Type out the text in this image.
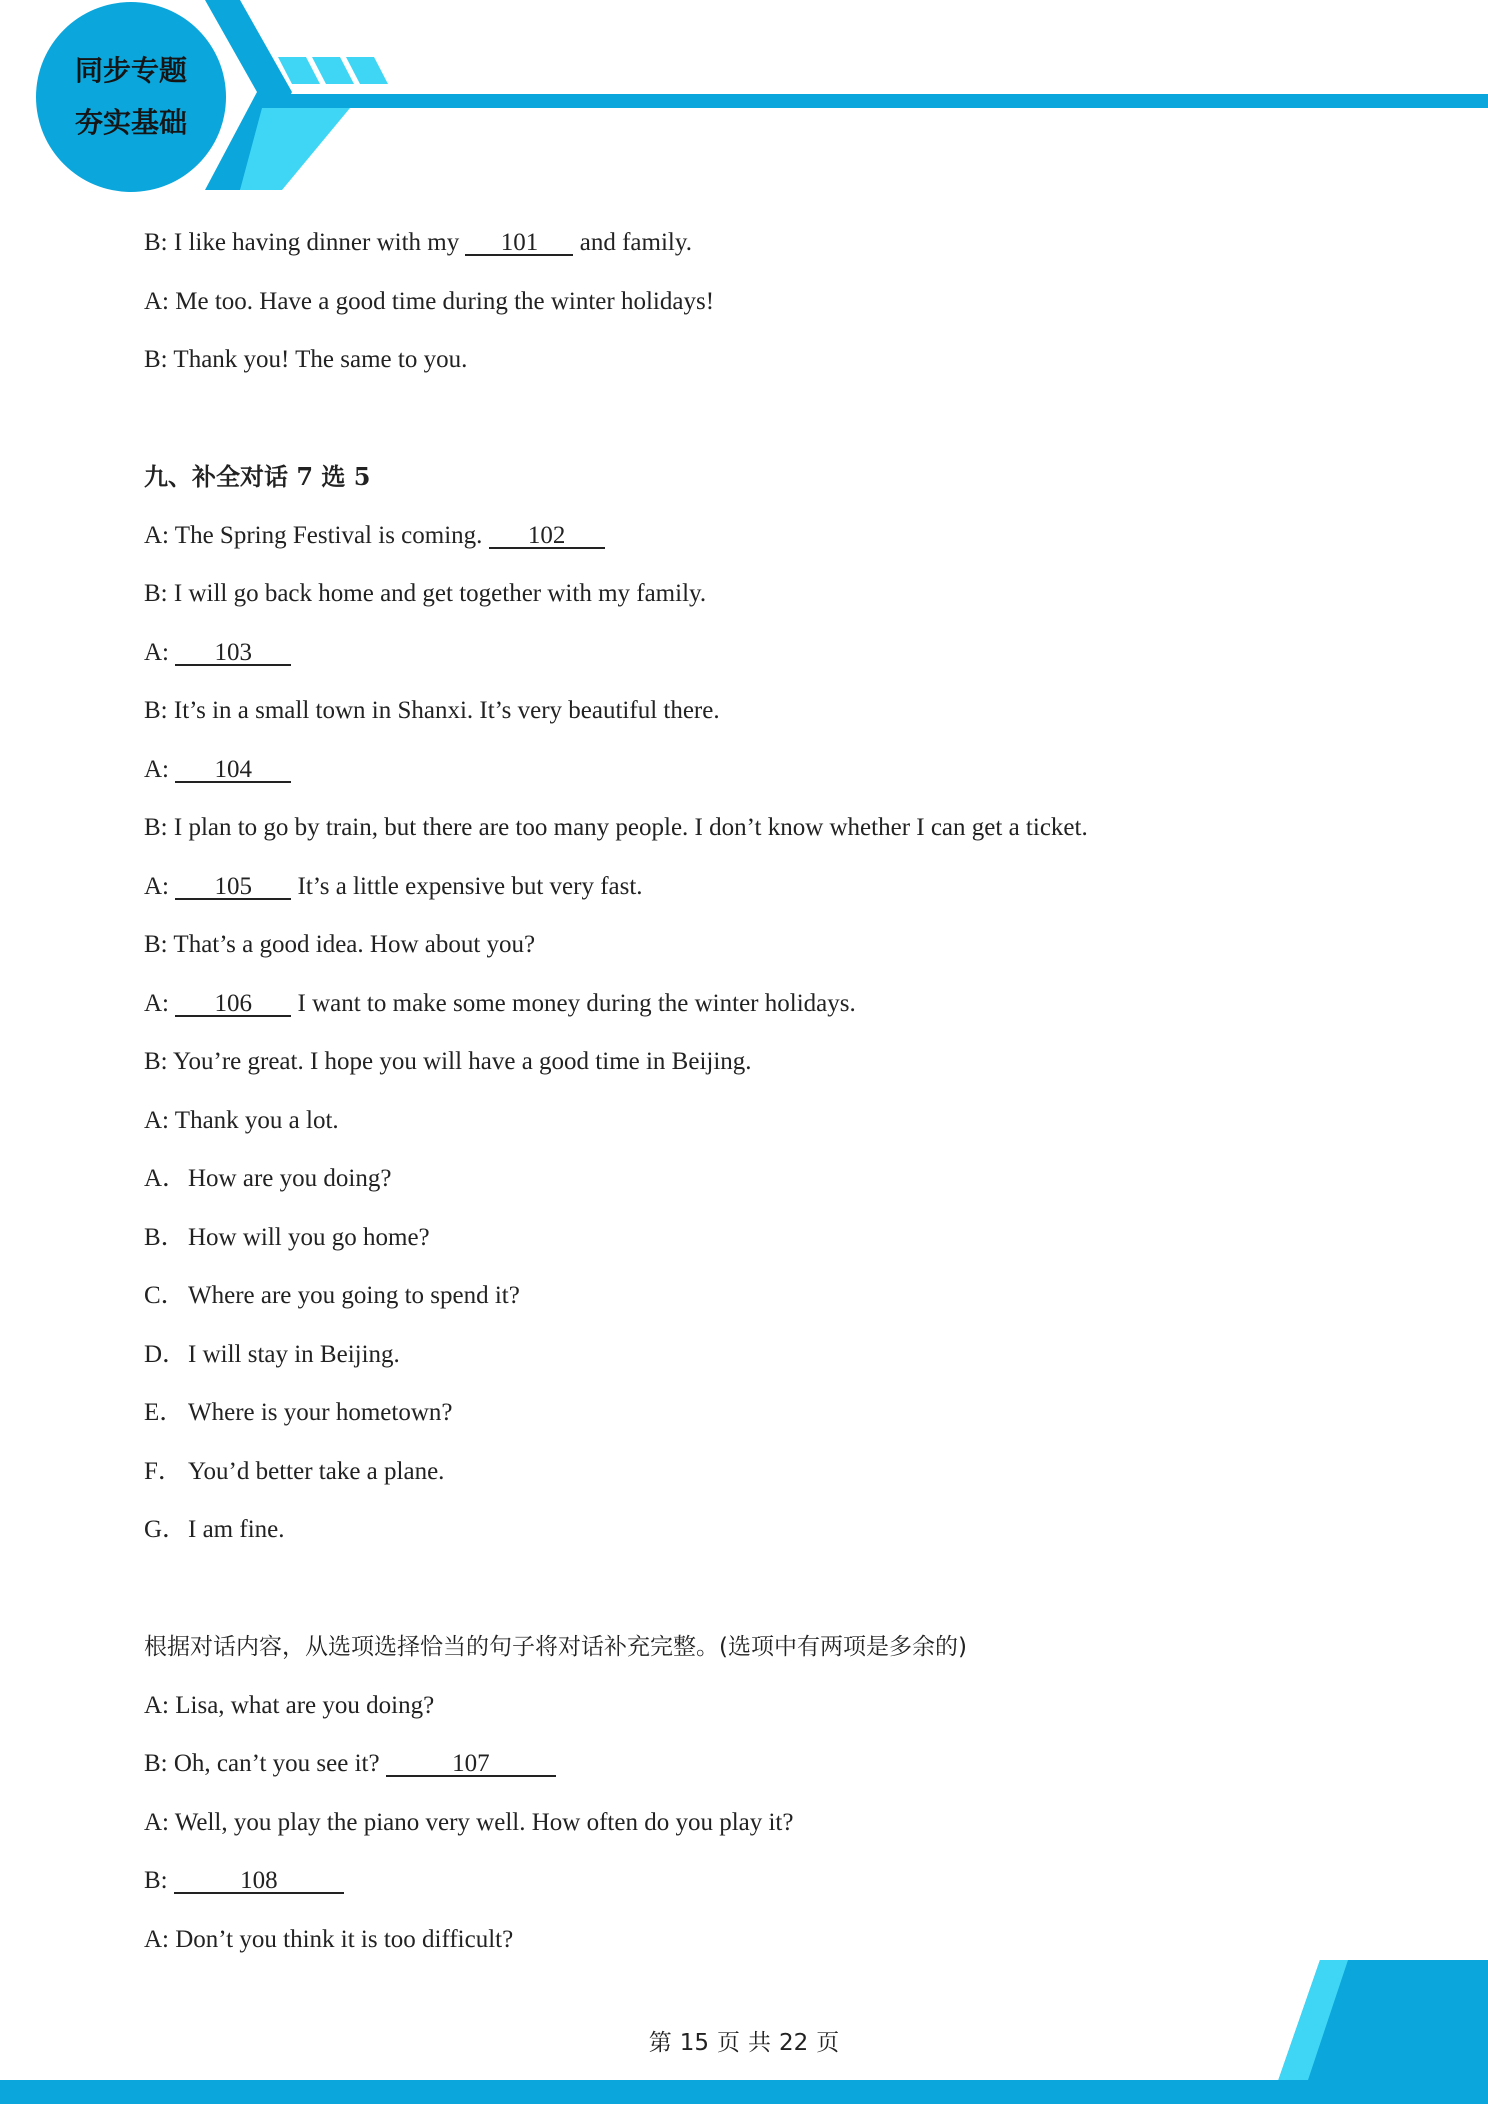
同步专题
夯实基础
B: I like having dinner with my 101 and family.
A: Me too. Have a good time during the winter holidays!
B: Thank you! The same to you.
九、补全对话 7 选 5
A: The Spring Festival is coming. 102
B: I will go back home and get together with my family.
A: 103
B: It’s in a small town in Shanxi. It’s very beautiful there.
A: 104
B: I plan to go by train, but there are too many people. I don’t know whether I can get a ticket.
A: 105 It’s a little expensive but very fast.
B: That’s a good idea. How about you?
A: 106 I want to make some money during the winter holidays.
B: You’re great. I hope you will have a good time in Beijing.
A: Thank you a lot.
A．How are you doing?
B．How will you go home?
C．Where are you going to spend it?
D．I will stay in Beijing.
E． Where is your hometown?
F． You’d better take a plane.
G．I am fine.
根据对话内容，从选项选择恰当的句子将对话补充完整。(选项中有两项是多余的)
A: Lisa, what are you doing?
B: Oh, can’t you see it?	107
A: Well, you play the piano very well. How often do you play it?
B:	108
A: Don’t you think it is too difficult?
第 15 页 共 22 页
